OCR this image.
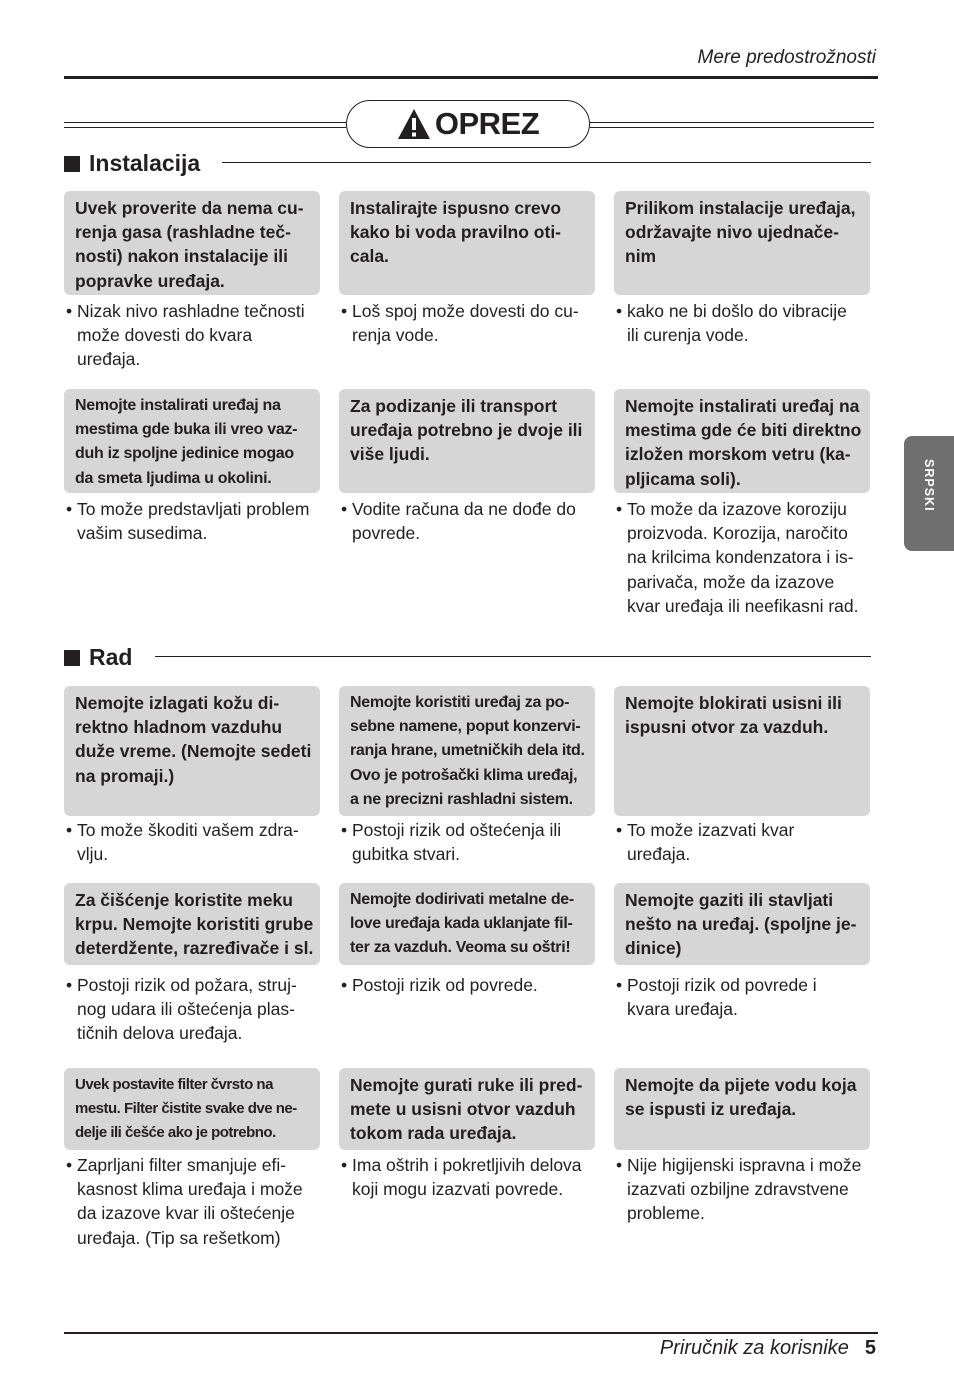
Mere predostrožnosti
OPREZ
SRPSKI
Instalacija
Uvek proverite da nema cu-
renja gasa (rashladne teč-
nosti) nakon instalacije ili
popravke uređaja.
Instalirajte ispusno crevo
kako bi voda pravilno oti-
cala.
Prilikom instalacije uređaja,
održavajte nivo ujednače-
nim
• Nizak nivo rashladne tečnosti
može dovesti do kvara
uređaja.
• Loš spoj može dovesti do cu-
renja vode.
• kako ne bi došlo do vibracije
ili curenja vode.
Nemojte instalirati uređaj na
mestima gde buka ili vreo vaz-
duh iz spoljne jedinice mogao
da smeta ljudima u okolini.
Za podizanje ili transport
uređaja potrebno je dvoje ili
više ljudi.
Nemojte instalirati uređaj na
mestima gde će biti direktno
izložen morskom vetru (ka-
pljicama soli).
• To može predstavljati problem
vašim susedima.
• Vodite računa da ne dođe do
povrede.
• To može da izazove koroziju
proizvoda. Korozija, naročito
na krilcima kondenzatora i is-
parivača, može da izazove
kvar uređaja ili neefikasni rad.
Rad
Nemojte izlagati kožu di-
rektno hladnom vazduhu
duže vreme. (Nemojte sedeti
na promaji.)
Nemojte koristiti uređaj za po-
sebne namene, poput konzervi-
ranja hrane, umetničkih dela itd.
Ovo je potrošački klima uređaj,
a ne precizni rashladni sistem.
Nemojte blokirati usisni ili
ispusni otvor za vazduh.
• To može škoditi vašem zdra-
vlju.
• Postoji rizik od oštećenja ili
gubitka stvari.
• To može izazvati kvar
uređaja.
Za čišćenje koristite meku
krpu. Nemojte koristiti grube
deterdžente, razređivače i sl.
Nemojte dodirivati metalne de-
love uređaja kada uklanjate fil-
ter za vazduh. Veoma su oštri!
Nemojte gaziti ili stavljati
nešto na uređaj. (spoljne je-
dinice)
• Postoji rizik od požara, struj-
nog udara ili oštećenja plas-
tičnih delova uređaja.
• Postoji rizik od povrede.	• Postoji rizik od povrede i
kvara uređaja.
Uvek postavite filter čvrsto na
mestu. Filter čistite svake dve ne-
delje ili češće ako je potrebno.
Nemojte gurati ruke ili pred-
mete u usisni otvor vazduh
tokom rada uređaja.
Nemojte da pijete vodu koja
se ispusti iz uređaja.
• Zaprljani filter smanjuje efi-
kasnost klima uređaja i može
da izazove kvar ili oštećenje
uređaja. (Tip sa rešetkom)
• Ima oštrih i pokretljivih delova
koji mogu izazvati povrede.
• Nije higijenski ispravna i može
izazvati ozbiljne zdravstvene
probleme.
Priručnik za korisnike 5
